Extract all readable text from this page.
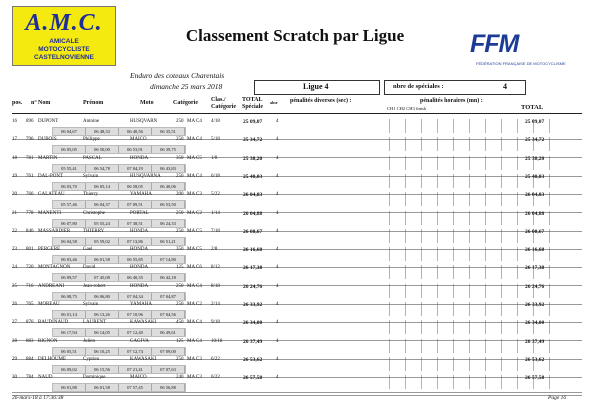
A.M.C.
AMICALE
MOTOCYCLISTE
CASTELNOVIENNE
Classement Scratch par Ligue
Enduro des coteaux Charentais
dimanche 25 mars 2018
FFM
FÉDÉRATION FRANÇAISE DE MOTOCYCLISME
Ligue 4	nbre de spéciales :	4
pos. n° Nom	Prénom	Moto	Catégorie Clas./ Catégorie
TOTAL Spéciale
abse pénalités diverses (sec) :	pénalités horaires (mn) :
CH1 CH2 CH3 finish	TOTAL
16 896 DUPONT	Antoine	HUSQVARN	250 MA C4 4/18	25 09,07	4	25 09,07
06 04,67	06 48,33	06 40,56	06 35,51
17 796 DUBOIS	Philippe	MAICO	250 MA C4 5/18	25 34,72	4	25 34,72
06 05,05	06 50,00	06 53,91	06 39,75
18 781 MARTIN	PASCAL	HONDA	350 MA C5 1/8	25 38,20	4	25 38,20
05 55,41	06 54,78	07 04,19	06 43,83
19 761 DAL-PONT	Sylvain	HUSQVARNA	250 MA C4 6/18	25 40,03	4	25 40,03
06 03,70	06 05,14	06 58,05	06 40,06
20 766 GALATEAU	Thierry	YAMAHA	200 MA C3 5/22	26 04,83	4	26 04,83
05 57,46	06 04,37	07 09,51	06 53,50
21 778 MANENTI	Christophe	PORTAL	250 MA C2 1/14	26 04,88	4	26 04,88
06 07,80	05 55,24	07 38,51	06 24,33
22 846 MASSARDIER	THIERRY	HONDA	250 MA C5 7/18	26 08,67	4	26 08,67
06 04,58	05 59,02	07 13,86	06 51,21
23 801 PERGERE	Gael	HONDA	350 MA C5 2/8	26 16,68	4	26 16,68
06 03,46	06 01,58	06 55,85	07 14,80
24 720 MONTAGNON	David	HONDA	125 MA C6 8/12	26 17,38	4	26 17,38
06 09,57	07 45,08	06 40,35	06 42,18
25 716 ANDREANI	Jean-robert	HONDA	250 MA C4 8/18	26 24,76	4	26 24,76
06 08,75	06 06,80	07 04,34	07 04,87
26 765 MOREAU	Sylvain	YAMAHA	250 MA C2 2/14	26 33,92	4	26 33,92
06 01,14	06 13,26	07 10,96	07 04,56
27 876 BAUDINAUD	LAURENT	KAWASAKI	450 MA C4 9/18	26 34,00	4	26 34,00
06 17,94	06 14,05	07 12,40	06 49,61
28 883 BIGNON	Julien	CAGIVA	125 MA C4 10/18	26 37,49	4	26 37,49
06 05,51	06 10,25	07 12,74	07 09,00
29 884 DELHOUME	Cyprien	KAWASAKI	250 MA C3 6/22	26 53,62	4	26 53,62
06 09,02	06 15,56	07 21,41	07 07,63
30 784 NAUD	Dominique	MAICO	240 MA C3 6/22	26 57,58	4	26 57,58
06 01,88	06 01,58	07 57,45	06 56,88
26-mars-18 à 17:36:38	Page 16
